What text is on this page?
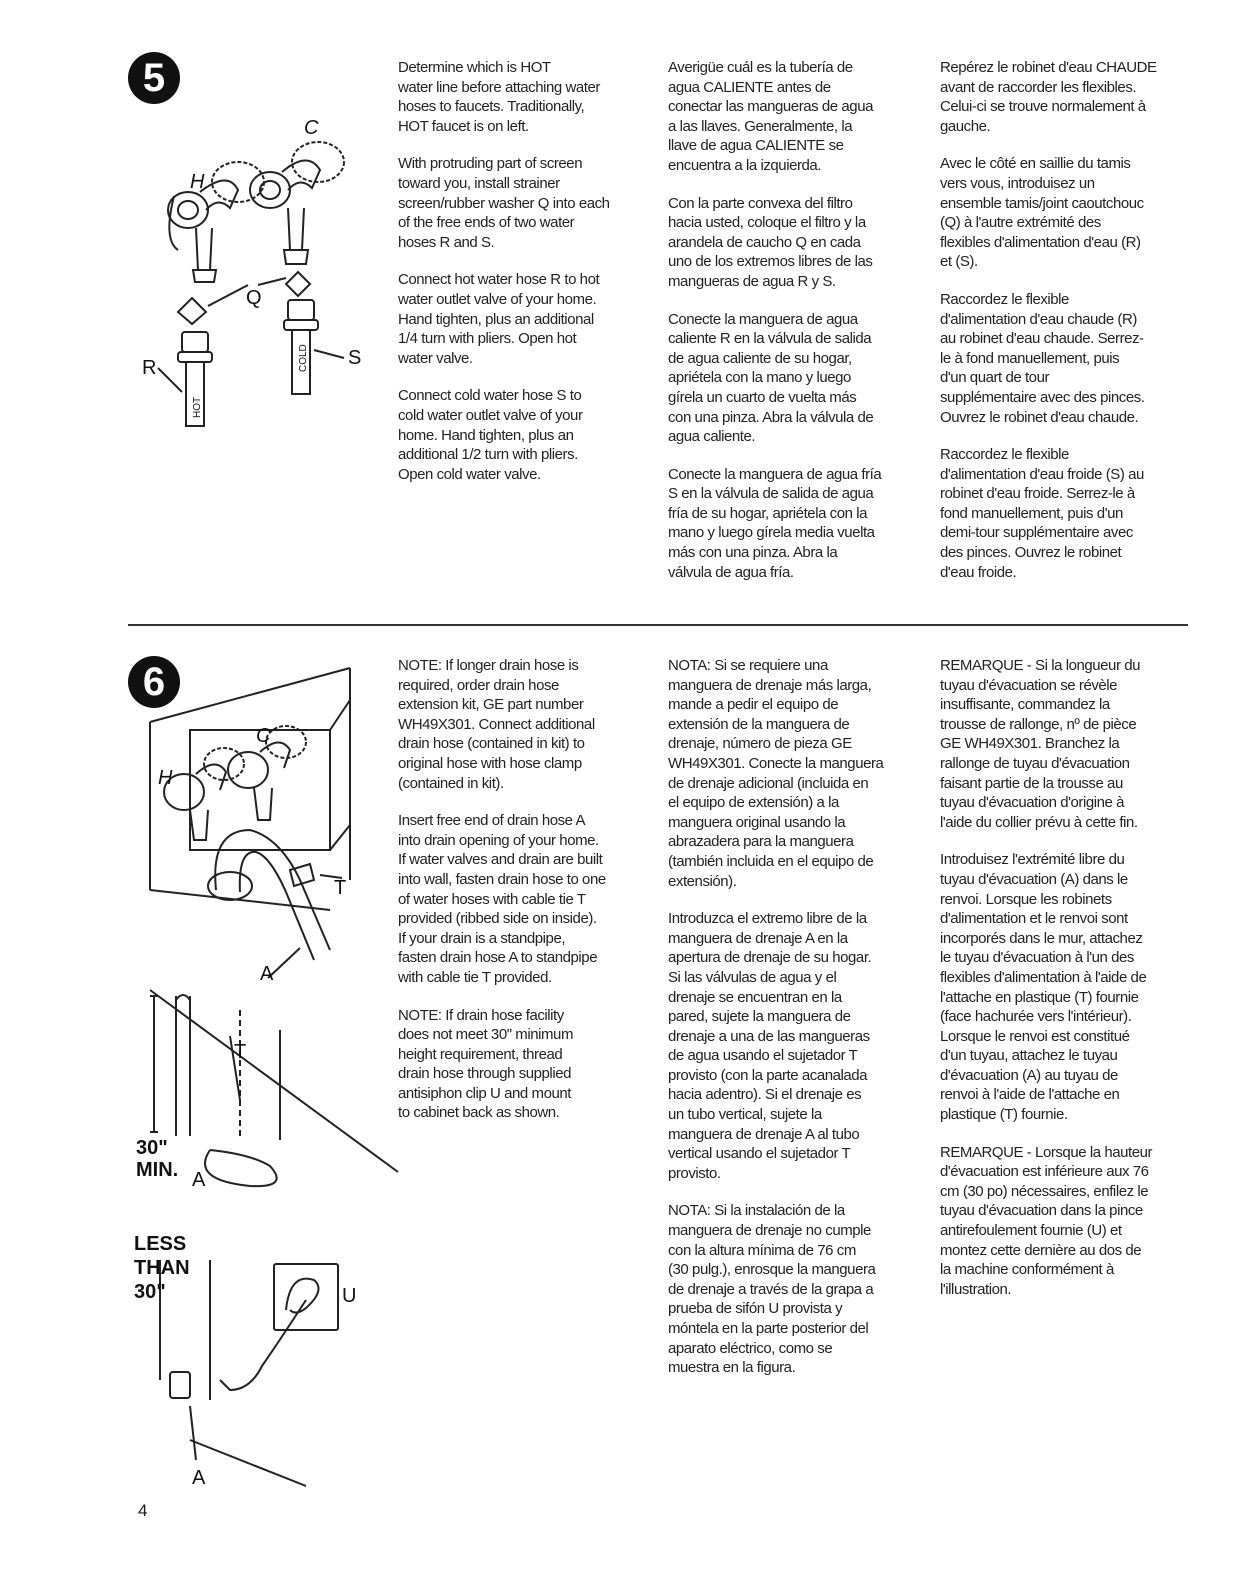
5
C
H
Q
R	S
HOT
COLD

Determine which is HOT
water line before attaching water
hoses to faucets. Traditionally,
HOT faucet is on left.

With protruding part of screen
toward you, install strainer
screen/rubber washer Q into each
of the free ends of two water
hoses R and S.

Connect hot water hose R to hot
water outlet valve of your home.
Hand tighten, plus an additional
1/4 turn with pliers. Open hot
water valve.

Connect cold water hose S to
cold water outlet valve of your
home. Hand tighten, plus an
additional 1/2 turn with pliers.
Open cold water valve.

Averigüe cuál es la tubería de
agua CALIENTE antes de
conectar las mangueras de agua
a las llaves. Generalmente, la
llave de agua CALIENTE se
encuentra a la izquierda.

Con la parte convexa del filtro
hacia usted, coloque el filtro y la
arandela de caucho Q en cada
uno de los extremos libres de las
mangueras de agua R y S.

Conecte la manguera de agua
caliente R en la válvula de salida
de agua caliente de su hogar,
apriétela con la mano y luego
gírela un cuarto de vuelta más
con una pinza. Abra la válvula de
agua caliente.

Conecte la manguera de agua fría
S en la válvula de salida de agua
fría de su hogar, apriétela con la
mano y luego gírela media vuelta
más con una pinza. Abra la
válvula de agua fría.

Repérez le robinet d'eau CHAUDE
avant de raccorder les flexibles.
Celui-ci se trouve normalement à
gauche.

Avec le côté en saillie du tamis
vers vous, introduisez un
ensemble tamis/joint caoutchouc
(Q) à l'autre extrémité des
flexibles d'alimentation d'eau (R)
et (S).

Raccordez le flexible
d'alimentation d'eau chaude (R)
au robinet d'eau chaude. Serrez-
le à fond manuellement, puis
d'un quart de tour
supplémentaire avec des pinces.
Ouvrez le robinet d'eau chaude.

Raccordez le flexible
d'alimentation d'eau froide (S) au
robinet d'eau froide. Serrez-le à
fond manuellement, puis d'un
demi-tour supplémentaire avec
des pinces. Ouvrez le robinet
d'eau froide.

6
C
H
T
A
T
30"
MIN. A
LESS
THAN
30"	U
A

NOTE: If longer drain hose is
required, order drain hose
extension kit, GE part number
WH49X301. Connect additional
drain hose (contained in kit) to
original hose with hose clamp
(contained in kit).

Insert free end of drain hose A
into drain opening of your home.
If water valves and drain are built
into wall, fasten drain hose to one
of water hoses with cable tie T
provided (ribbed side on inside).
If your drain is a standpipe,
fasten drain hose A to standpipe
with cable tie T provided.

NOTE: If drain hose facility
does not meet 30" minimum
height requirement, thread
drain hose through supplied
antisiphon clip U and mount
to cabinet back as shown.

NOTA: Si se requiere una
manguera de drenaje más larga,
mande a pedir el equipo de
extensión de la manguera de
drenaje, número de pieza GE
WH49X301. Conecte la manguera
de drenaje adicional (incluida en
el equipo de extensión) a la
manguera original usando la
abrazadera para la manguera
(también incluida en el equipo de
extensión).

Introduzca el extremo libre de la
manguera de drenaje A en la
apertura de drenaje de su hogar.
Si las válvulas de agua y el
drenaje se encuentran en la
pared, sujete la manguera de
drenaje a una de las mangueras
de agua usando el sujetador T
provisto (con la parte acanalada
hacia adentro). Si el drenaje es
un tubo vertical, sujete la
manguera de drenaje A al tubo
vertical usando el sujetador T
provisto.

NOTA: Si la instalación de la
manguera de drenaje no cumple
con la altura mínima de 76 cm
(30 pulg.), enrosque la manguera
de drenaje a través de la grapa a
prueba de sifón U provista y
móntela en la parte posterior del
aparato eléctrico, como se
muestra en la figura.

REMARQUE - Si la longueur du
tuyau d'évacuation se révèle
insuffisante, commandez la
trousse de rallonge, nº de pièce
GE WH49X301. Branchez la
rallonge de tuyau d'évacuation
faisant partie de la trousse au
tuyau d'évacuation d'origine à
l'aide du collier prévu à cette fin.

Introduisez l'extrémité libre du
tuyau d'évacuation (A) dans le
renvoi. Lorsque les robinets
d'alimentation et le renvoi sont
incorporés dans le mur, attachez
le tuyau d'évacuation à l'un des
flexibles d'alimentation à l'aide de
l'attache en plastique (T) fournie
(face hachurée vers l'intérieur).
Lorsque le renvoi est constitué
d'un tuyau, attachez le tuyau
d'évacuation (A) au tuyau de
renvoi à l'aide de l'attache en
plastique (T) fournie.

REMARQUE - Lorsque la hauteur
d'évacuation est inférieure aux 76
cm (30 po) nécessaires, enfilez le
tuyau d'évacuation dans la pince
antirefoulement fournie (U) et
montez cette dernière au dos de
la machine conformément à
l'illustration.

4
